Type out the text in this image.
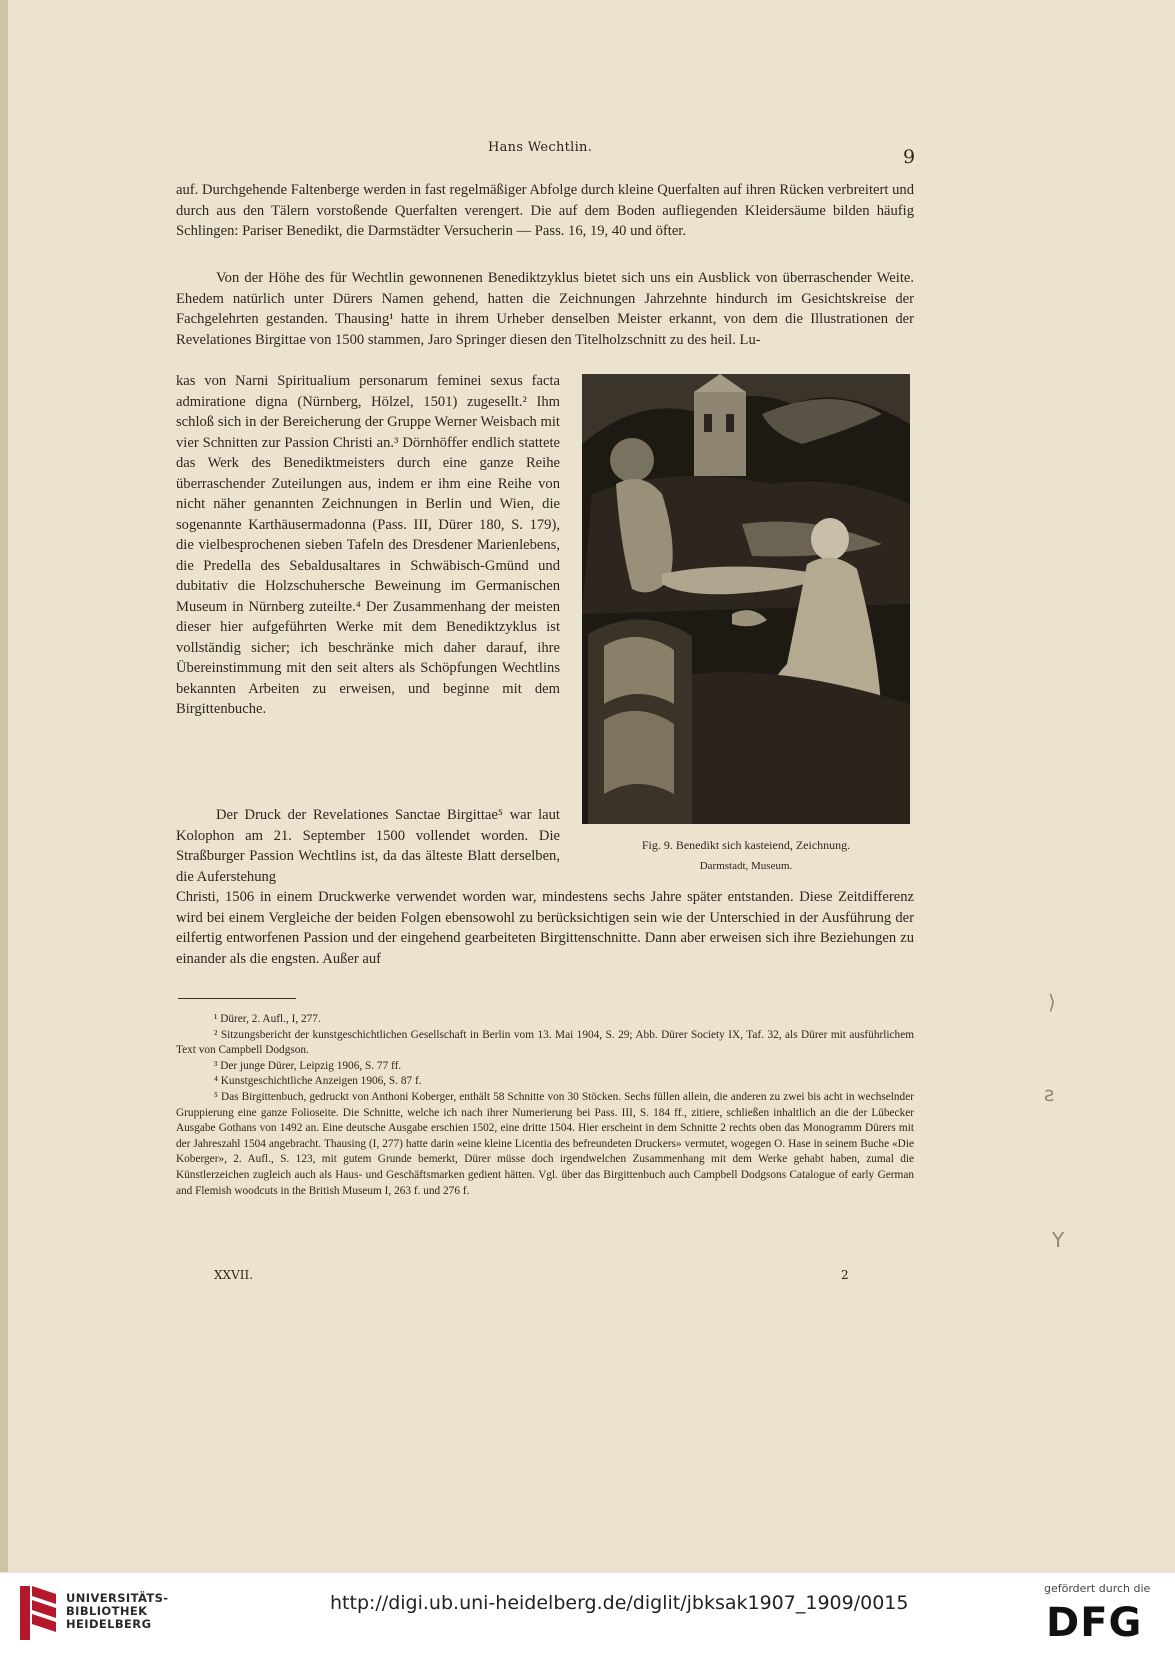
Hans Wechtlin.	9

auf. Durchgehende Faltenberge werden in fast regelmäßiger Abfolge durch kleine Querfalten auf ihren Rücken verbreitert und durch aus den Tälern vorstoßende Querfalten verengert. Die auf dem Boden aufliegenden Kleidersäume bilden häufig Schlingen: Pariser Benedikt, die Darmstädter Versucherin — Pass. 16, 19, 40 und öfter.

Von der Höhe des für Wechtlin gewonnenen Benediktzyklus bietet sich uns ein Ausblick von überraschender Weite. Ehedem natürlich unter Dürers Namen gehend, hatten die Zeichnungen Jahrzehnte hindurch im Gesichtskreise der Fachgelehrten gestanden. Thausing¹ hatte in ihrem Urheber denselben Meister erkannt, von dem die Illustrationen der Revelationes Birgittae von 1500 stammen, Jaro Springer diesen den Titelholzschnitt zu des heil. Lu-

kas von Narni Spiritualium personarum feminei sexus facta admiratione digna (Nürnberg, Hölzel, 1501) zugesellt.² Ihm schloß sich in der Bereicherung der Gruppe Werner Weisbach mit vier Schnitten zur Passion Christi an.³ Dörnhöffer endlich stattete das Werk des Benediktmeisters durch eine ganze Reihe überraschender Zuteilungen aus, indem er ihm eine Reihe von nicht näher genannten Zeichnungen in Berlin und Wien, die sogenannte Karthäusermadonna (Pass. III, Dürer 180, S. 179), die vielbesprochenen sieben Tafeln des Dresdener Marienlebens, die Predella des Sebaldusaltares in Schwäbisch-Gmünd und dubitativ die Holzschuhersche Beweinung im Germanischen Museum in Nürnberg zuteilte.⁴ Der Zusammenhang der meisten dieser hier aufgeführten Werke mit dem Benediktzyklus ist vollständig sicher; ich beschränke mich daher darauf, ihre Übereinstimmung mit den seit alters als Schöpfungen Wechtlins bekannten Arbeiten zu erweisen, und beginne mit dem Birgittenbuche.

Der Druck der Revelationes Sanctae Birgittae⁵ war laut Kolophon am 21. September 1500 vollendet worden. Die Straßburger Passion Wechtlins ist, da das älteste Blatt derselben, die Auferstehung

Christi, 1506 in einem Druckwerke verwendet worden war, mindestens sechs Jahre später entstanden. Diese Zeitdifferenz wird bei einem Vergleiche der beiden Folgen ebensowohl zu berücksichtigen sein wie der Unterschied in der Ausführung der eilfertig entworfenen Passion und der eingehend gearbeiteten Birgittenschnitte. Dann aber erweisen sich ihre Beziehungen zu einander als die engsten. Außer auf

Fig. 9. Benedikt sich kasteiend, Zeichnung.
Darmstadt, Museum.

¹ Dürer, 2. Aufl., I, 277.

² Sitzungsbericht der kunstgeschichtlichen Gesellschaft in Berlin vom 13. Mai 1904, S. 29; Abb. Dürer Society IX, Taf. 32, als Dürer mit ausführlichem Text von Campbell Dodgson.

³ Der junge Dürer, Leipzig 1906, S. 77 ff.

⁴ Kunstgeschichtliche Anzeigen 1906, S. 87 f.

⁵ Das Birgittenbuch, gedruckt von Anthoni Koberger, enthält 58 Schnitte von 30 Stöcken. Sechs füllen allein, die anderen zu zwei bis acht in wechselnder Gruppierung eine ganze Folioseite. Die Schnitte, welche ich nach ihrer Numerierung bei Pass. III, S. 184 ff., zitiere, schließen inhaltlich an die der Lübecker Ausgabe Gothans von 1492 an. Eine deutsche Ausgabe erschien 1502, eine dritte 1504. Hier erscheint in dem Schnitte 2 rechts oben das Monogramm Dürers mit der Jahreszahl 1504 angebracht. Thausing (I, 277) hatte darin «eine kleine Licentia des befreundeten Druckers» vermutet, wogegen O. Hase in seinem Buche «Die Koberger», 2. Aufl., S. 123, mit gutem Grunde bemerkt, Dürer müsse doch irgendwelchen Zusammenhang mit dem Werke gehabt haben, zumal die Künstlerzeichen zugleich auch als Haus- und Geschäftsmarken gedient hätten. Vgl. über das Birgittenbuch auch Campbell Dodgsons Catalogue of early German and Flemish woodcuts in the British Museum I, 263 f. und 276 f.

XXVII.	2
⟩
ƨ
Y
UNIVERSITÄTS-
BIBLIOTHEK
HEIDELBERG
http://digi.ub.uni-heidelberg.de/diglit/jbksak1907_1909/0015
gefördert durch die
DFG
